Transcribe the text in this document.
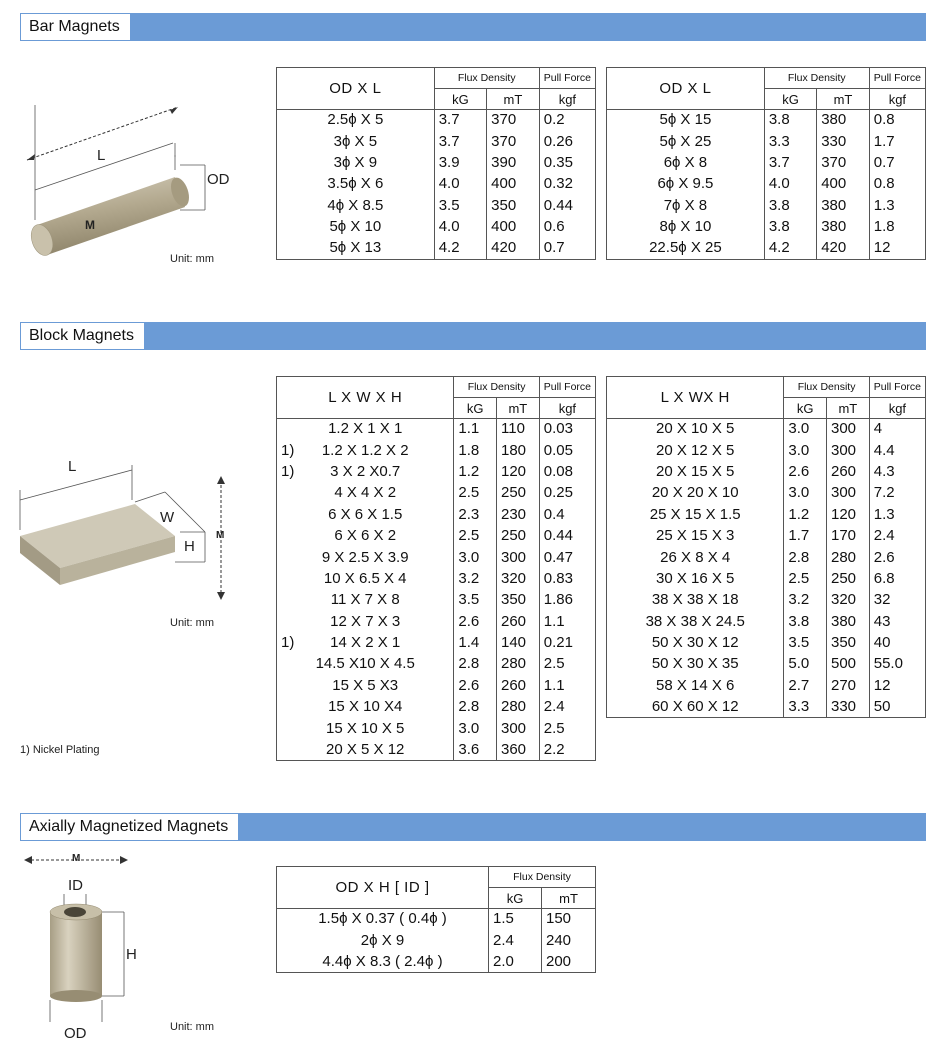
Bar Magnets
M
L
OD
Unit: mm
OD X L	Flux Density		Pull Force
	kG	mT	kgf
2.5ϕ X 5	3.7	370	0.2
3ϕ X 5	3.7	370	0.26
3ϕ X 9	3.9	390	0.35
3.5ϕ X 6	4.0	400	0.32
4ϕ X 8.5	3.5	350	0.44
5ϕ X 10	4.0	400	0.6
5ϕ X 13	4.2	420	0.7
OD X L	Flux Density		Pull Force
	kG	mT	kgf
5ϕ X 15	3.8	380	0.8
5ϕ X 25	3.3	330	1.7
6ϕ X 8	3.7	370	0.7
6ϕ X 9.5	4.0	400	0.8
7ϕ X 8	3.8	380	1.3
8ϕ X 10	3.8	380	1.8
22.5ϕ X 25	4.2	420	12
Block Magnets
L
W
H
M
Unit: mm
1) Nickel Plating
L X W X H	Flux Density		Pull Force
	kG	mT	kgf

1.2 X 1 X 1	1.1	110	0.03

1) 1.2 X 1.2 X 2	1.8	180	0.05

1) 3 X 2 X0.7	1.2	120	0.08

4 X 4 X 2	2.5	250	0.25

6 X 6 X 1.5	2.3	230	0.4

6 X 6 X 2	2.5	250	0.44

9 X 2.5 X 3.9	3.0	300	0.47

10 X 6.5 X 4	3.2	320	0.83

11 X 7 X 8	3.5	350	1.86

12 X 7 X 3	2.6	260	1.1

1) 14 X 2 X 1	1.4	140	0.21

14.5 X10 X 4.5	2.8	280	2.5

15 X 5 X3	2.6	260	1.1

15 X 10 X4	2.8	280	2.4

15 X 10 X 5	3.0	300	2.5

20 X 5 X 12	3.6	360	2.2
L X WX H	Flux Density		Pull Force
	kG	mT	kgf
20 X 10 X 5	3.0	300	4
20 X 12 X 5	3.0	300	4.4
20 X 15 X 5	2.6	260	4.3
20 X 20 X 10	3.0	300	7.2
25 X 15 X 1.5	1.2	120	1.3
25 X 15 X 3	1.7	170	2.4
26 X 8 X 4	2.8	280	2.6
30 X 16 X 5	2.5	250	6.8
38 X 38 X 18	3.2	320	32
38 X 38 X 24.5	3.8	380	43
50 X 30 X 12	3.5	350	40
50 X 30 X 35	5.0	500	55.0
58 X 14 X 6	2.7	270	12
60 X 60 X 12	3.3	330	50
Axially Magnetized Magnets
M
ID
H
OD	Unit: mm
OD X H [ ID ]	Flux Density	
	kG	mT
1.5ϕ X 0.37 ( 0.4ϕ )	1.5	150
2ϕ X 9	2.4	240
4.4ϕ X 8.3 ( 2.4ϕ )	2.0	200
